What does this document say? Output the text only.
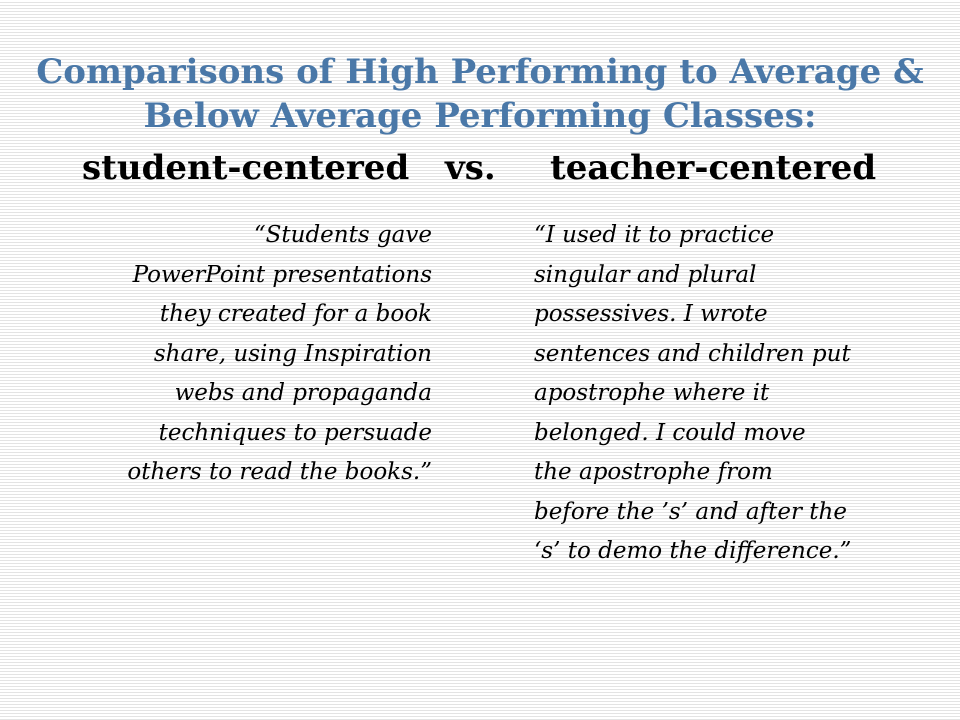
Comparisons of High Performing to Average &
Below Average Performing Classes:
student-centered vs. teacher-centered
“Students gave
PowerPoint presentations
they created for a book
share, using Inspiration
webs and propaganda
techniques to persuade
others to read the books.”
“I used it to practice
singular and plural
possessives. I wrote
sentences and children put
apostrophe where it
belonged. I could move
the apostrophe from
before the ’s’ and after the
‘s’ to demo the difference.”
